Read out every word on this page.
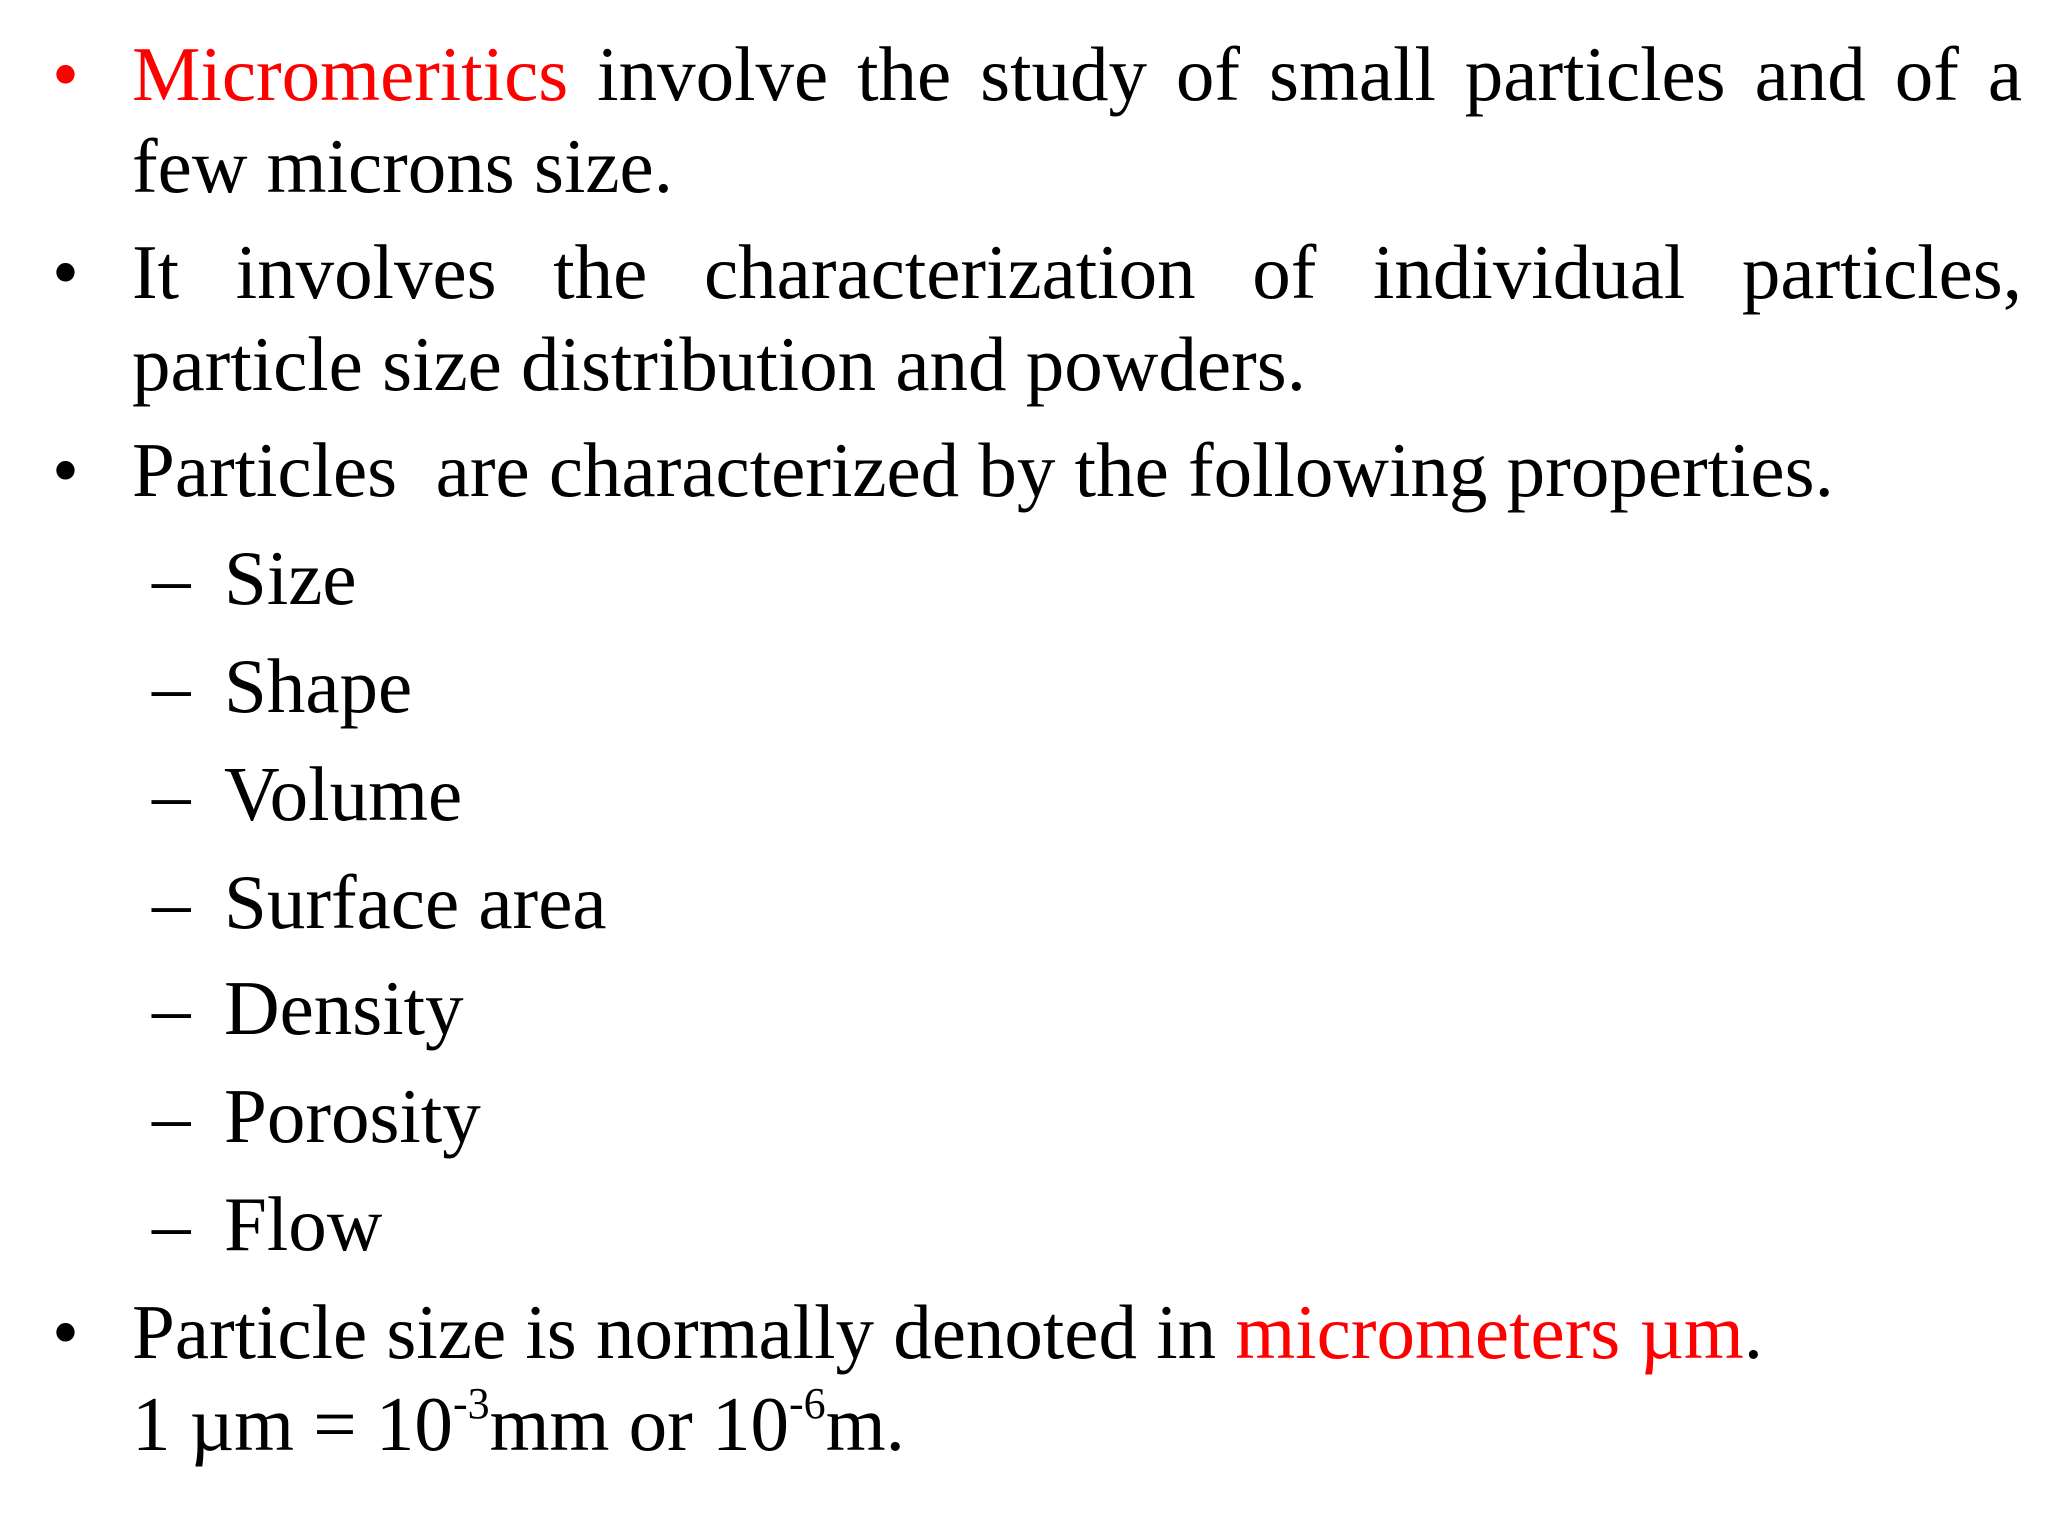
• Micromeritics involve the study of small particles and of a few microns size.
• It involves the characterization of individual particles, particle size distribution and powders.
• Particles  are characterized by the following properties.
– Size
– Shape
– Volume
– Surface area
– Density
– Porosity
– Flow
• Particle size is normally denoted in micrometers µm.
1 $\mu m = 10^{-3}mm$ or $10^{-6}m$.
